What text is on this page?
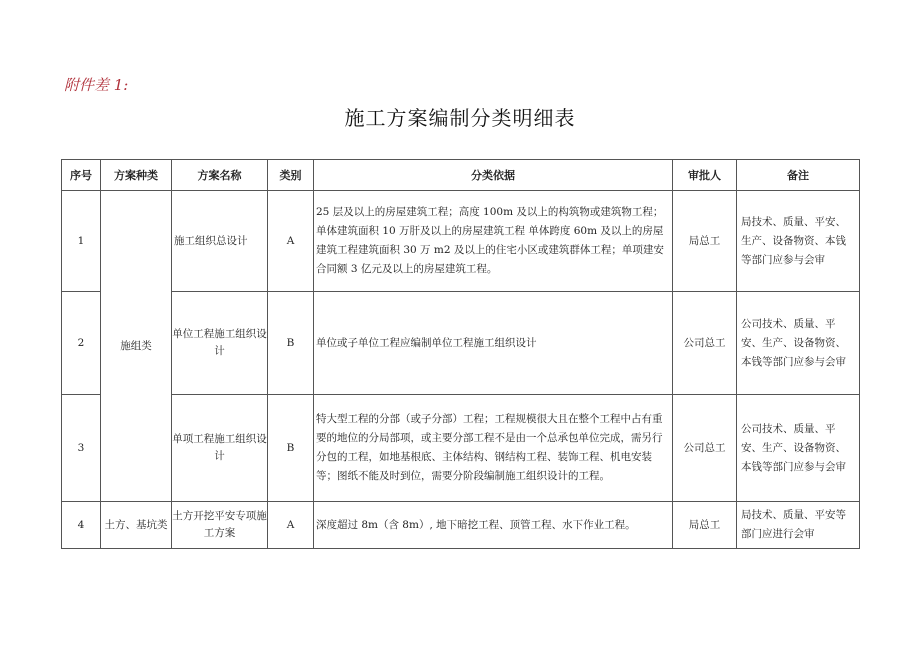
附件差 1:
施工方案编制分类明细表
序号	方案种类	方案名称	类别	分类依据	审批人	备注
1	施组类	施工组织总设计	A	25 层及以上的房屋建筑工程；高度 100m 及以上的构筑物或建筑物工程；单体建筑面积 10 万肝及以上的房屋建筑工程 单体跨度 60m 及以上的房屋建筑工程建筑面积 30 万 m2 及以上的住宅小区或建筑群体工程；单项建安合同额 3 亿元及以上的房屋建筑工程。	局总工	局技术、质量、平安、生产、设备物资、本钱等部门应参与会审
2		单位工程施工组织设计	B	单位或子单位工程应编制单位工程施工组织设计	公司总工	公司技术、质量、平安、生产、设备物资、本钱等部门应参与会审
3		单项工程施工组织设计	B	特大型工程的分部（或子分部）工程；工程规模很大且在整个工程中占有重要的地位的分局部项，或主要分部工程不是由一个总承包单位完成，需另行分包的工程，如地基根底、主体结构、钢结构工程、装饰工程、机电安装等；图纸不能及时到位，需要分阶段编制施工组织设计的工程。	公司总工	公司技术、质量、平安、生产、设备物资、本钱等部门应参与会审
4	土方、基坑类	土方开挖平安专项施工方案	A	深度超过 8m（含 8m）, 地下暗挖工程、顶管工程、水下作业工程。	局总工	局技术、质量、平安等部门应进行会审
